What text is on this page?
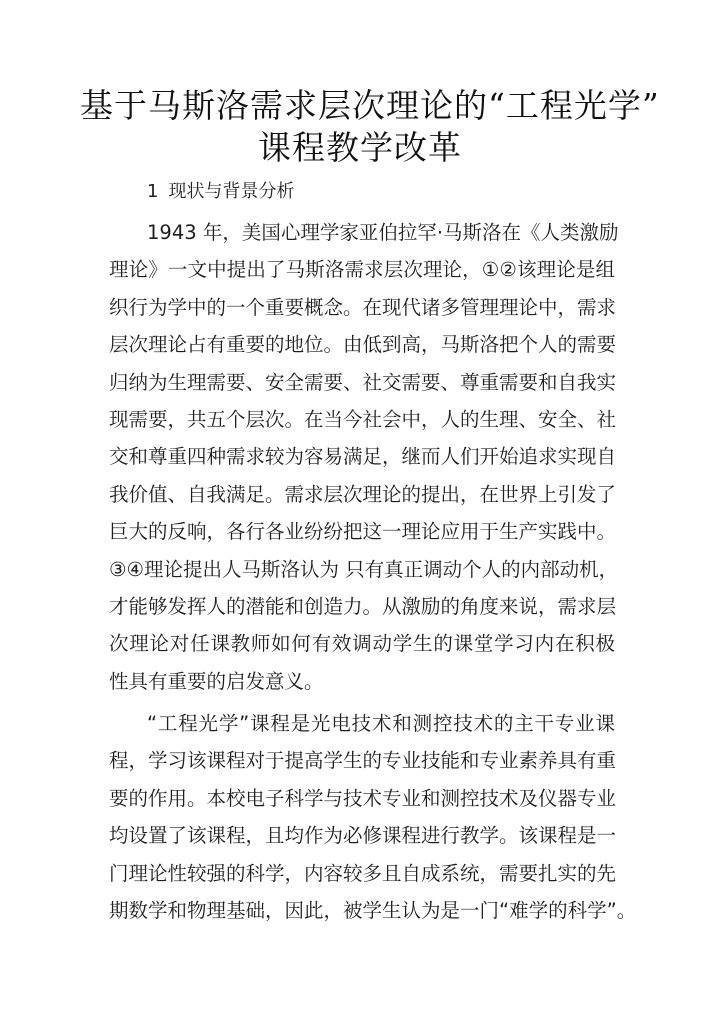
基于马斯洛需求层次理论的“工程光学”
课程教学改革
1 现状与背景分析
1943 年，美国心理学家亚伯拉罕·马斯洛在《人类激励
理论》一文中提出了马斯洛需求层次理论，①②该理论是组
织行为学中的一个重要概念。在现代诸多管理理论中，需求
层次理论占有重要的地位。由低到高，马斯洛把个人的需要
归纳为生理需要、安全需要、社交需要、尊重需要和自我实
现需要，共五个层次。在当今社会中，人的生理、安全、社
交和尊重四种需求较为容易满足，继而人们开始追求实现自
我价值、自我满足。需求层次理论的提出，在世界上引发了
巨大的反响，各行各业纷纷把这一理论应用于生产实践中。
③④理论提出人马斯洛认为 只有真正调动个人的内部动机，
才能够发挥人的潜能和创造力。从激励的角度来说，需求层
次理论对任课教师如何有效调动学生的课堂学习内在积极
性具有重要的启发意义。
“工程光学”课程是光电技术和测控技术的主干专业课
程，学习该课程对于提高学生的专业技能和专业素养具有重
要的作用。本校电子科学与技术专业和测控技术及仪器专业
均设置了该课程，且均作为必修课程进行教学。该课程是一
门理论性较强的科学，内容较多且自成系统，需要扎实的先
期数学和物理基础，因此，被学生认为是一门“难学的科学”。
